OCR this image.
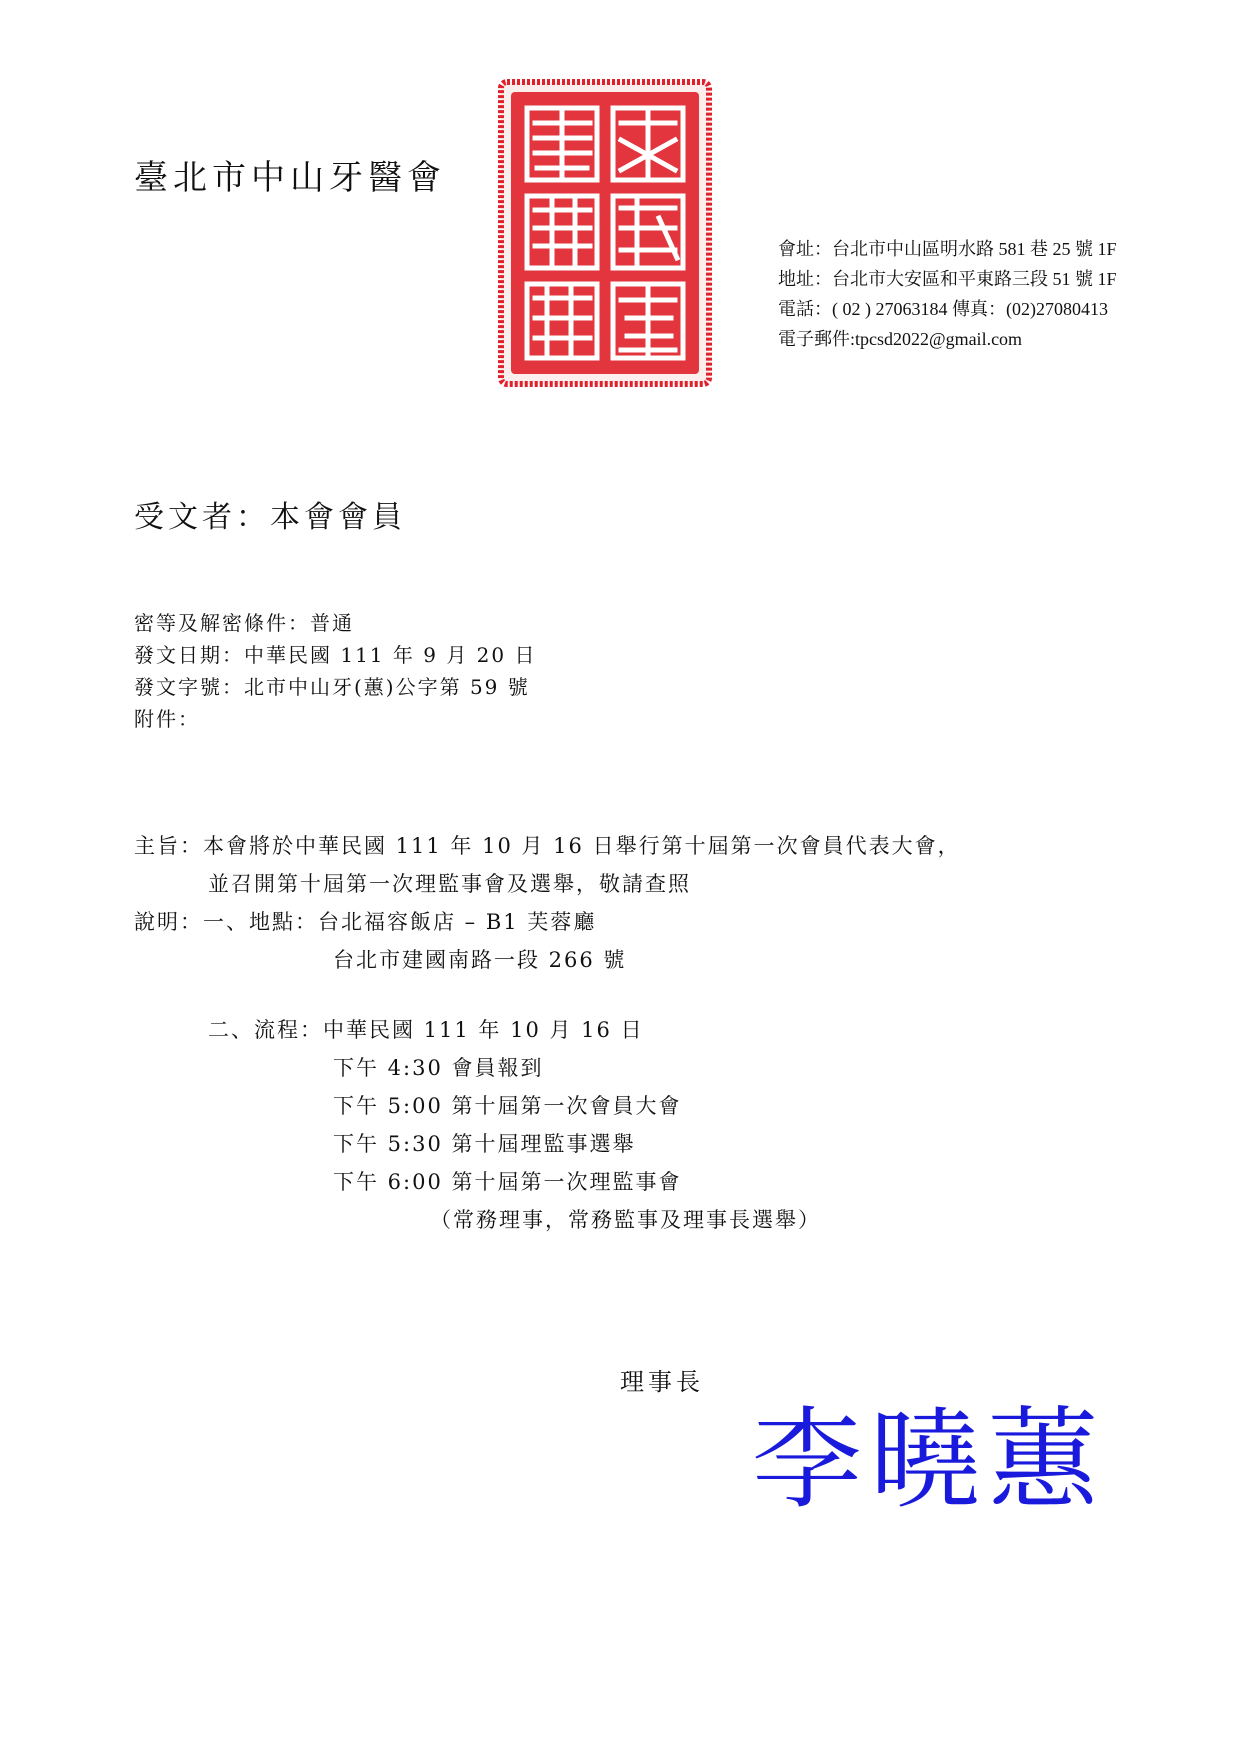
臺北市中山牙醫會
會址：台北市中山區明水路 581 巷 25 號 1F
地址：台北市大安區和平東路三段 51 號 1F
電話：( 02 ) 27063184 傳真：(02)27080413
電子郵件:tpcsd2022@gmail.com
受文者：本會會員
密等及解密條件：普通
發文日期：中華民國 111 年 9 月 20 日
發文字號：北市中山牙(蕙)公字第 59 號
附件：
主旨：本會將於中華民國 111 年 10 月 16 日舉行第十屆第一次會員代表大會，
並召開第十屆第一次理監事會及選舉，敬請查照
說明：一、地點：台北福容飯店 – B1 芙蓉廳
台北市建國南路一段 266 號
二、流程：中華民國 111 年 10 月 16 日
下午 4:30 會員報到
下午 5:00 第十屆第一次會員大會
下午 5:30 第十屆理監事選舉
下午 6:00 第十屆第一次理監事會
（常務理事，常務監事及理事長選舉）
理事長
李曉蕙
